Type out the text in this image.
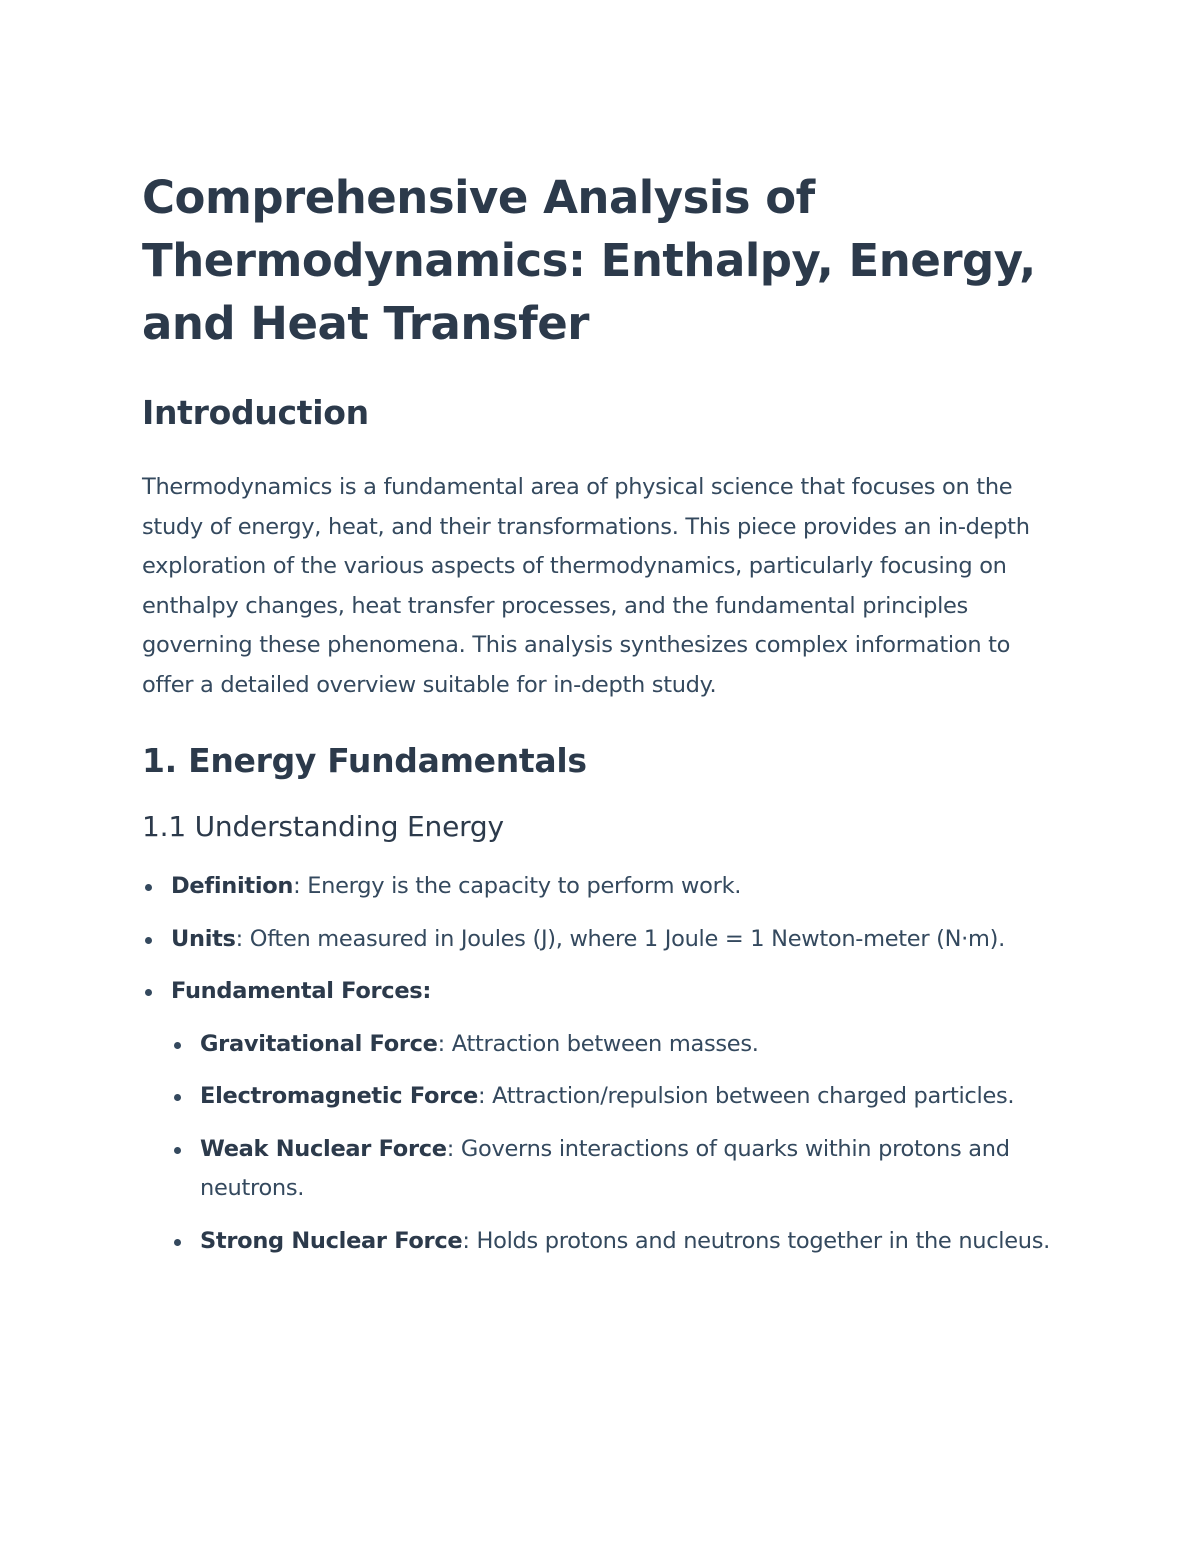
Comprehensive Analysis of Thermodynamics: Enthalpy, Energy, and Heat Transfer
Introduction

Thermodynamics is a fundamental area of physical science that focuses on the study of energy, heat, and their transformations. This piece provides an in-depth exploration of the various aspects of thermodynamics, particularly focusing on enthalpy changes, heat transfer processes, and the fundamental principles governing these phenomena. This analysis synthesizes complex information to offer a detailed overview suitable for in-depth study.

1. Energy Fundamentals
1.1 Understanding Energy
Definition: Energy is the capacity to perform work.
Units: Often measured in Joules (J), where 1 Joule = 1 Newton-meter (N·m).
Fundamental Forces:
Gravitational Force: Attraction between masses.
Electromagnetic Force: Attraction/repulsion between charged particles.
Weak Nuclear Force: Governs interactions of quarks within protons and neutrons.
Strong Nuclear Force: Holds protons and neutrons together in the nucleus.
